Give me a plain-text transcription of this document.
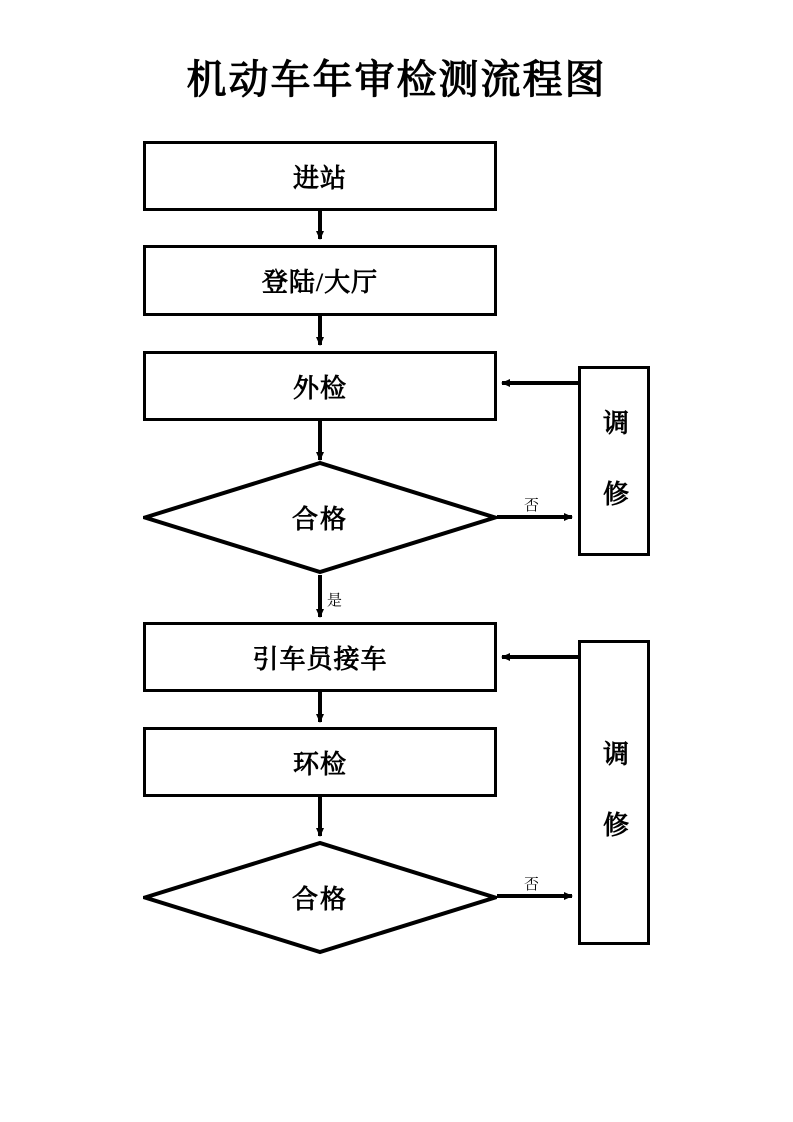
机动车年审检测流程图
进站
登陆/大厅
外检
合格
引车员接车
环检
合格
调 修
调 修
否
是
否
